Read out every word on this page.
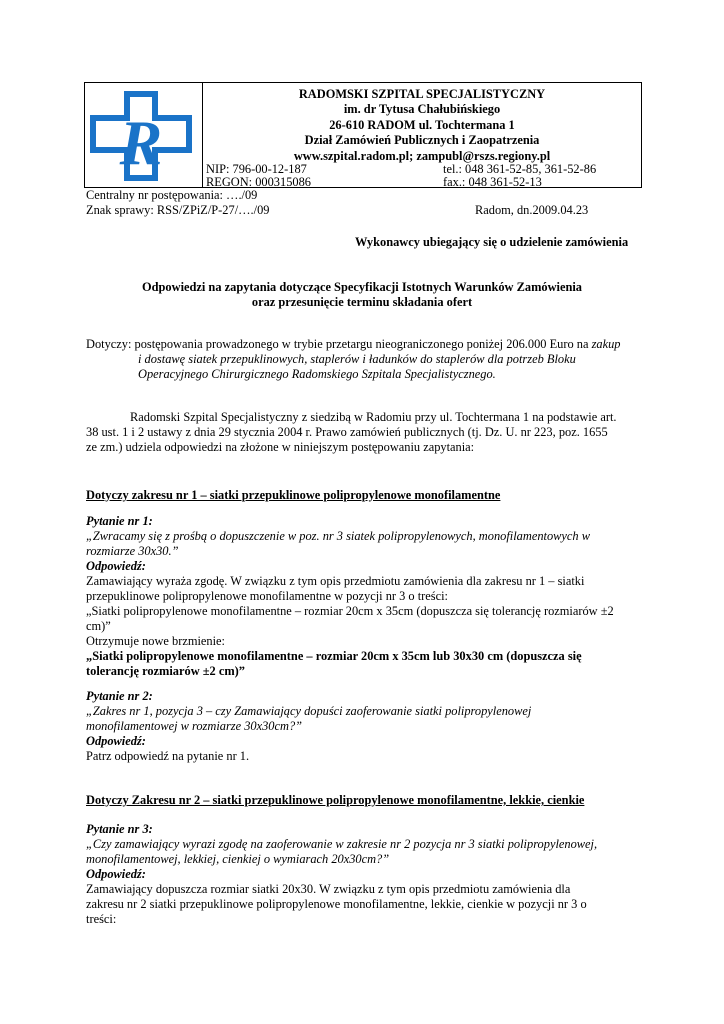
R
RADOMSKI SZPITAL SPECJALISTYCZNY
im. dr Tytusa Chałubińskiego
26-610 RADOM ul. Tochtermana 1
Dział Zamówień Publicznych i Zaopatrzenia
www.szpital.radom.pl; zampubl@rszs.regiony.pl
NIP: 796-00-12-187	tel.: 048 361-52-85, 361-52-86
REGON: 000315086	fax.: 048 361-52-13
Centralny nr postępowania: …./09
Znak sprawy: RSS/ZPiZ/P-27/…./09	Radom, dn.2009.04.23
Wykonawcy ubiegający się o udzielenie zamówienia
Odpowiedzi na zapytania dotyczące Specyfikacji Istotnych Warunków Zamówienia
oraz przesunięcie terminu składania ofert
Dotyczy: postępowania prowadzonego w trybie przetargu nieograniczonego poniżej 206.000 Euro na zakup
i dostawę siatek przepuklinowych, staplerów i ładunków do staplerów dla potrzeb Bloku
Operacyjnego Chirurgicznego Radomskiego Szpitala Specjalistycznego.
Radomski Szpital Specjalistyczny z siedzibą w Radomiu przy ul. Tochtermana 1 na podstawie art.
38 ust. 1 i 2 ustawy z dnia 29 stycznia 2004 r. Prawo zamówień publicznych (tj. Dz. U. nr 223, poz. 1655
ze zm.) udziela odpowiedzi na złożone w niniejszym postępowaniu zapytania:
Dotyczy zakresu nr 1 – siatki przepuklinowe polipropylenowe monofilamentne
Pytanie nr 1:
„Zwracamy się z prośbą o dopuszczenie w poz. nr 3 siatek polipropylenowych, monofilamentowych w
rozmiarze 30x30.”
Odpowiedź:
Zamawiający wyraża zgodę. W związku z tym opis przedmiotu zamówienia dla zakresu nr 1 – siatki
przepuklinowe polipropylenowe monofilamentne w pozycji nr 3 o treści:
„Siatki polipropylenowe monofilamentne – rozmiar 20cm x 35cm (dopuszcza się tolerancję rozmiarów ±2
cm)”
Otrzymuje nowe brzmienie:
„Siatki polipropylenowe monofilamentne – rozmiar 20cm x 35cm lub 30x30 cm (dopuszcza się
tolerancję rozmiarów ±2 cm)”
Pytanie nr 2:
„Zakres nr 1, pozycja 3 – czy Zamawiający dopuści zaoferowanie siatki polipropylenowej
monofilamentowej w rozmiarze 30x30cm?”
Odpowiedź:
Patrz odpowiedź na pytanie nr 1.
Dotyczy Zakresu nr 2 – siatki przepuklinowe polipropylenowe monofilamentne, lekkie, cienkie
Pytanie nr 3:
„Czy zamawiający wyrazi zgodę na zaoferowanie w zakresie nr 2 pozycja nr 3 siatki polipropylenowej,
monofilamentowej, lekkiej, cienkiej o wymiarach 20x30cm?”
Odpowiedź:
Zamawiający dopuszcza rozmiar siatki 20x30. W związku z tym opis przedmiotu zamówienia dla
zakresu nr 2 siatki przepuklinowe polipropylenowe monofilamentne, lekkie, cienkie w pozycji nr 3 o
treści:
